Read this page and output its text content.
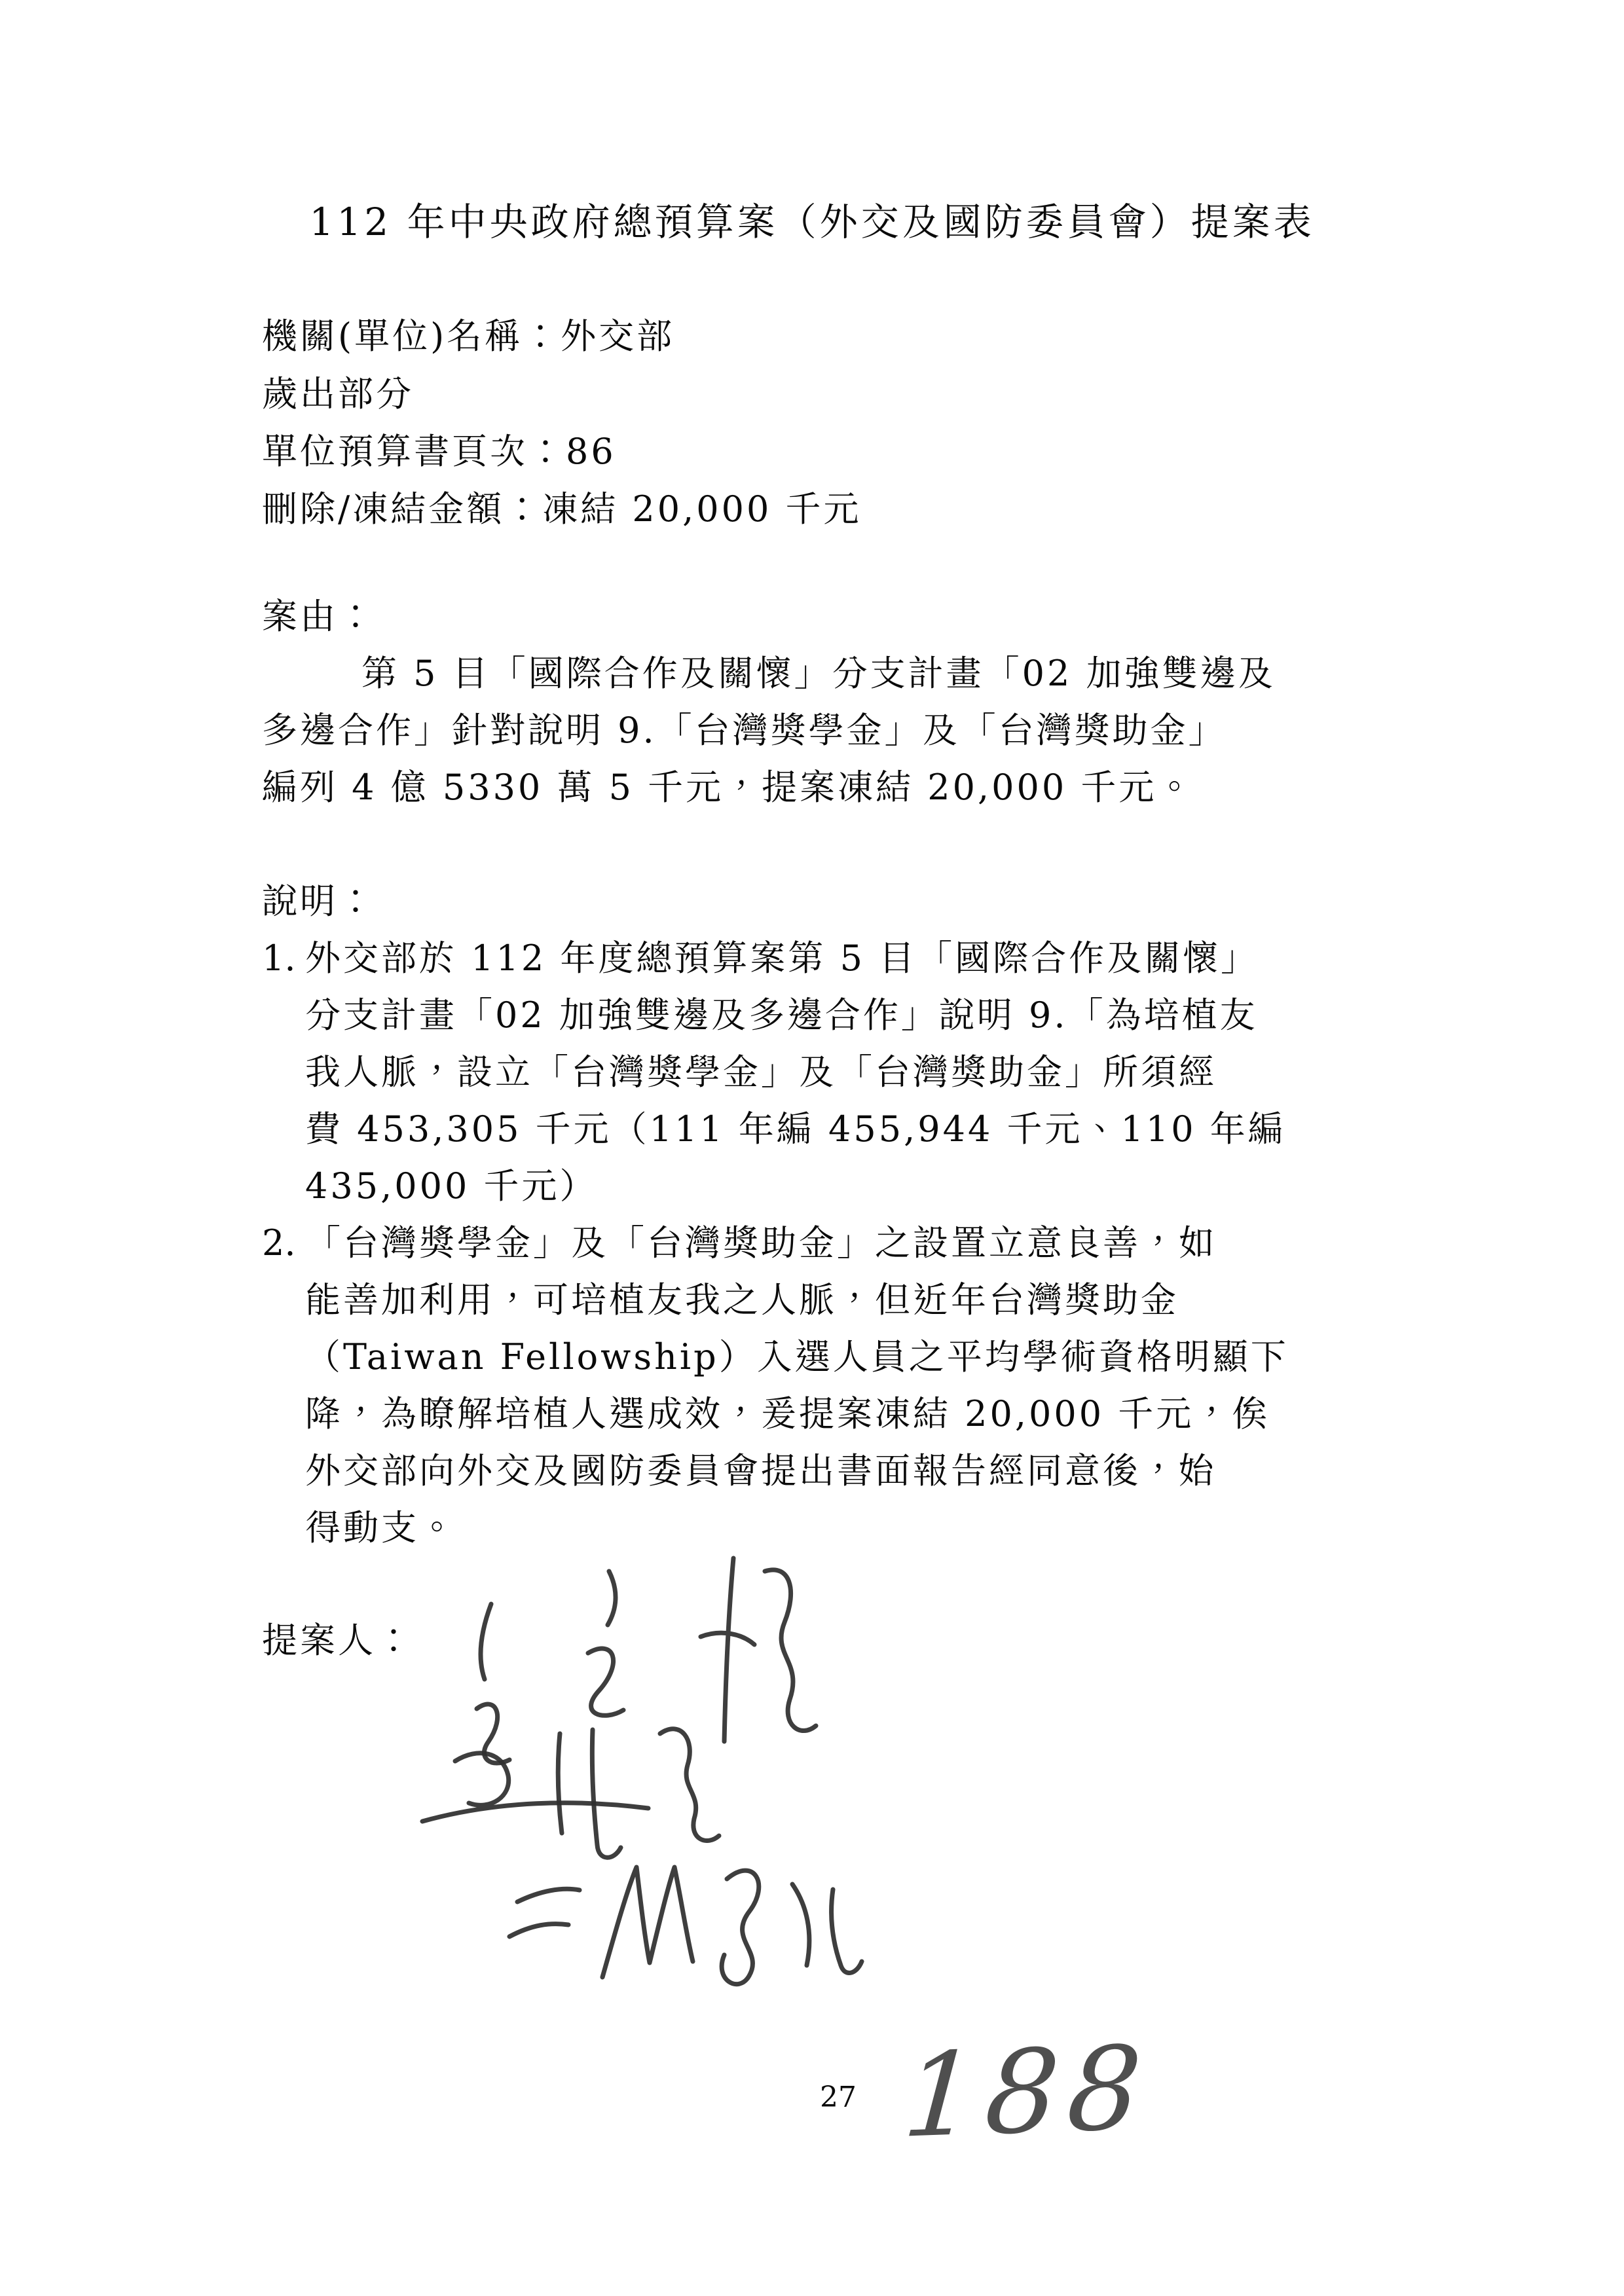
112 年中央政府總預算案（外交及國防委員會）提案表
機關(單位)名稱：外交部
歲出部分
單位預算書頁次：86
刪除/凍結金額：凍結 20,000 千元
案由：
第 5 目「國際合作及關懷」分支計畫「02 加強雙邊及
多邊合作」針對說明 9.「台灣獎學金」及「台灣獎助金」
編列 4 億 5330 萬 5 千元，提案凍結 20,000 千元。
說明：
1. 外交部於 112 年度總預算案第 5 目「國際合作及關懷」
分支計畫「02 加強雙邊及多邊合作」說明 9.「為培植友
我人脈，設立「台灣獎學金」及「台灣獎助金」所須經
費 453,305 千元（111 年編 455,944 千元、110 年編
435,000 千元）
2. 「台灣獎學金」及「台灣獎助金」之設置立意良善，如
能善加利用，可培植友我之人脈，但近年台灣獎助金
（Taiwan Fellowship）入選人員之平均學術資格明顯下
降，為瞭解培植人選成效，爰提案凍結 20,000 千元，俟
外交部向外交及國防委員會提出書面報告經同意後，始
得動支。
提案人：
27 188
